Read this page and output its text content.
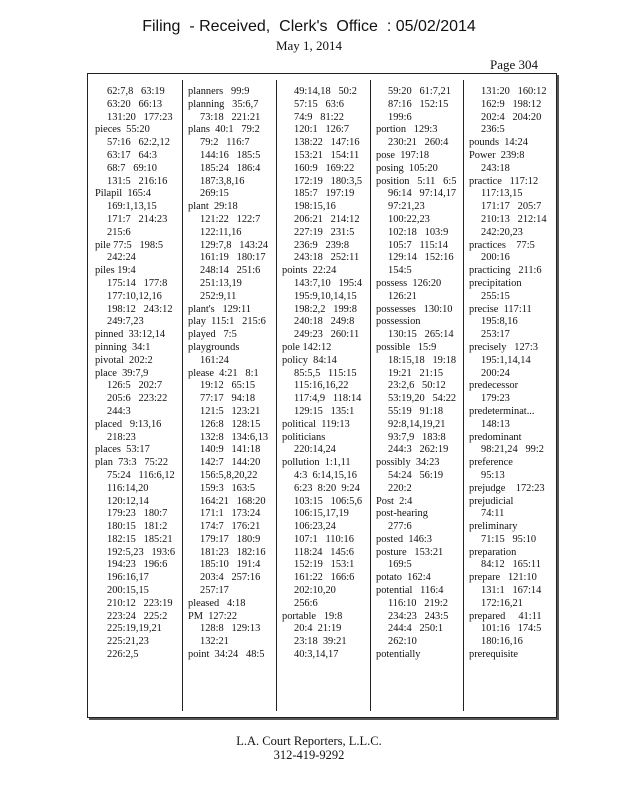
Filing  - Received,  Clerk's  Office  : 05/02/2014
May 1, 2014
Page 304
62:7,8   63:19
63:20   66:13
131:20   177:23
pieces  55:20
57:16   62:2,12
63:17   64:3
68:7   69:10
131:5   216:16
Pilapil  165:4
169:1,13,15
171:7   214:23
215:6
pile 77:5   198:5
242:24
piles 19:4
175:14   177:8
177:10,12,16
198:12   243:12
249:7,23
pinned  33:12,14
pinning  34:1
pivotal  202:2
place  39:7,9
126:5   202:7
205:6   223:22
244:3
placed   9:13,16
218:23
places  53:17
plan  73:3   75:22
75:24   116:6,12
116:14,20
120:12,14
179:23   180:7
180:15   181:2
182:15   185:21
192:5,23   193:6
194:23   196:6
196:16,17
200:15,15
210:12   223:19
223:24   225:2
225:19,19,21
225:21,23
226:2,5
planners   99:9
planning   35:6,7
73:18   221:21
plans  40:1   79:2
79:2   116:7
144:16   185:5
185:24   186:4
187:3,8,16
269:15
plant  29:18
121:22   122:7
122:11,16
129:7,8   143:24
161:19   180:17
248:14   251:6
251:13,19
252:9,11
plant's   129:11
play  115:1   215:6
played   7:5
playgrounds
161:24
please  4:21   8:1
19:12   65:15
77:17   94:18
121:5   123:21
126:8   128:15
132:8   134:6,13
140:9   141:18
142:7   144:20
156:5,8,20,22
159:3   163:5
164:21   168:20
171:1   173:24
174:7   176:21
179:17   180:9
181:23   182:16
185:10   191:4
203:4   257:16
257:17
pleased   4:18
PM  127:22
128:8   129:13
132:21
point  34:24   48:5
49:14,18   50:2
57:15   63:6
74:9   81:22
120:1   126:7
138:22   147:16
153:21   154:11
160:9   169:22
172:19   180:3,5
185:7   197:19
198:15,16
206:21   214:12
227:19   231:5
236:9   239:8
243:18   252:11
points  22:24
143:7,10   195:4
195:9,10,14,15
198:2,2   199:8
240:18   249:8
249:23   260:11
pole 142:12
policy  84:14
85:5,5   115:15
115:16,16,22
117:4,9   118:14
129:15   135:1
political  119:13
politicians
220:14,24
pollution  1:1,11
4:3  6:14,15,16
6:23  8:20  9:24
103:15   106:5,6
106:15,17,19
106:23,24
107:1   110:16
118:24   145:6
152:19   153:1
161:22   166:6
202:10,20
256:6
portable   19:8
20:4  21:19
23:18  39:21
40:3,14,17
59:20   61:7,21
87:16   152:15
199:6
portion   129:3
230:21   260:4
pose  197:18
posing  105:20
position   5:11   6:5
96:14   97:14,17
97:21,23
100:22,23
102:18   103:9
105:7   115:14
129:14   152:16
154:5
possess  126:20
126:21
possesses   130:10
possession
130:15   265:14
possible   15:9
18:15,18   19:18
19:21   21:15
23:2,6   50:12
53:19,20   54:22
55:19   91:18
92:8,14,19,21
93:7,9   183:8
244:3   262:19
possibly  34:23
54:24   56:19
220:2
Post  2:4
post-hearing
277:6
posted  146:3
posture   153:21
169:5
potato  162:4
potential   116:4
116:10   219:2
234:23   243:5
244:4   250:1
262:10
potentially
131:20   160:12
162:9   198:12
202:4   204:20
236:5
pounds  14:24
Power  239:8
243:18
practice   117:12
117:13,15
171:17   205:7
210:13   212:14
242:20,23
practices    77:5
200:16
practicing   211:6
precipitation
255:15
precise  117:11
195:8,16
253:17
precisely   127:3
195:1,14,14
200:24
predecessor
179:23
predeterminat...
148:13
predominant
98:21,24   99:2
preference
95:13
prejudge    172:23
prejudicial
74:11
preliminary
71:15   95:10
preparation
84:12   165:11
prepare   121:10
131:1   167:14
172:16,21
prepared     41:11
101:16   174:5
180:16,16
prerequisite
L.A. Court Reporters, L.L.C.
312-419-9292
